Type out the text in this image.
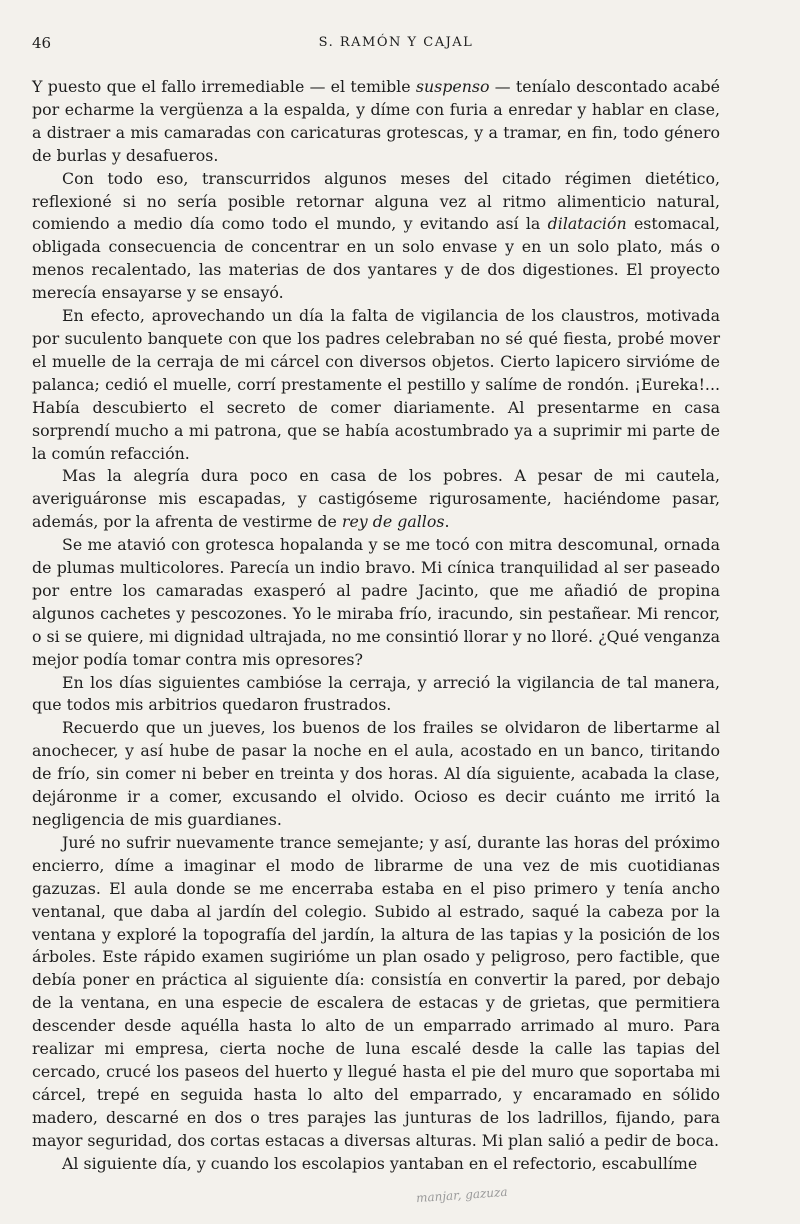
46	S. RAMÓN Y CAJAL

Y puesto que el fallo irremediable — el temible suspenso — teníalo descontado acabé por echarme la vergüenza a la espalda, y díme con furia a enredar y hablar en clase, a distraer a mis camaradas con caricaturas grotescas, y a tramar, en fin, todo género de burlas y desafueros.

Con todo eso, transcurridos algunos meses del citado régimen dietético, reflexioné si no sería posible retornar alguna vez al ritmo alimenticio natural, comiendo a medio día como todo el mundo, y evitando así la dilatación estomacal, obligada consecuencia de concentrar en un solo envase y en un solo plato, más o menos recalentado, las materias de dos yantares y de dos digestiones. El proyecto merecía ensayarse y se ensayó.

En efecto, aprovechando un día la falta de vigilancia de los claustros, motivada por suculento banquete con que los padres celebraban no sé qué fiesta, probé mover el muelle de la cerraja de mi cárcel con diversos objetos. Cierto lapicero sirvióme de palanca; cedió el muelle, corrí prestamente el pestillo y salíme de rondón. ¡Eureka!... Había descubierto el secreto de comer diariamente. Al presentarme en casa sorprendí mucho a mi patrona, que se había acostumbrado ya a suprimir mi parte de la común refacción.

Mas la alegría dura poco en casa de los pobres. A pesar de mi cautela, averiguáronse mis escapadas, y castigóseme rigurosamente, haciéndome pasar, además, por la afrenta de vestirme de rey de gallos.

Se me atavió con grotesca hopalanda y se me tocó con mitra descomunal, ornada de plumas multicolores. Parecía un indio bravo. Mi cínica tranquilidad al ser paseado por entre los camaradas exasperó al padre Jacinto, que me añadió de propina algunos cachetes y pescozones. Yo le miraba frío, iracundo, sin pestañear. Mi rencor, o si se quiere, mi dignidad ultrajada, no me consintió llorar y no lloré. ¿Qué venganza mejor podía tomar contra mis opresores?

En los días siguientes cambióse la cerraja, y arreció la vigilancia de tal manera, que todos mis arbitrios quedaron frustrados.

Recuerdo que un jueves, los buenos de los frailes se olvidaron de libertarme al anochecer, y así hube de pasar la noche en el aula, acostado en un banco, tiritando de frío, sin comer ni beber en treinta y dos horas. Al día siguiente, acabada la clase, dejáronme ir a comer, excusando el olvido. Ocioso es decir cuánto me irritó la negligencia de mis guardianes.

Juré no sufrir nuevamente trance semejante; y así, durante las horas del próximo encierro, díme a imaginar el modo de librarme de una vez de mis cuotidianas gazuzas. El aula donde se me encerraba estaba en el piso primero y tenía ancho ventanal, que daba al jardín del colegio. Subido al estrado, saqué la cabeza por la ventana y exploré la topografía del jardín, la altura de las tapias y la posición de los árboles. Este rápido examen sugirióme un plan osado y peligroso, pero factible, que debía poner en práctica al siguiente día: consistía en convertir la pared, por debajo de la ventana, en una especie de escalera de estacas y de grietas, que permitiera descender desde aquélla hasta lo alto de un emparrado arrimado al muro. Para realizar mi empresa, cierta noche de luna escalé desde la calle las tapias del cercado, crucé los paseos del huerto y llegué hasta el pie del muro que soportaba mi cárcel, trepé en seguida hasta lo alto del emparrado, y encaramado en sólido madero, descarné en dos o tres parajes las junturas de los ladrillos, fijando, para mayor seguridad, dos cortas estacas a diversas alturas. Mi plan salió a pedir de boca.

Al siguiente día, y cuando los escolapios yantaban en el refectorio, escabullíme

manjar, gazuza
